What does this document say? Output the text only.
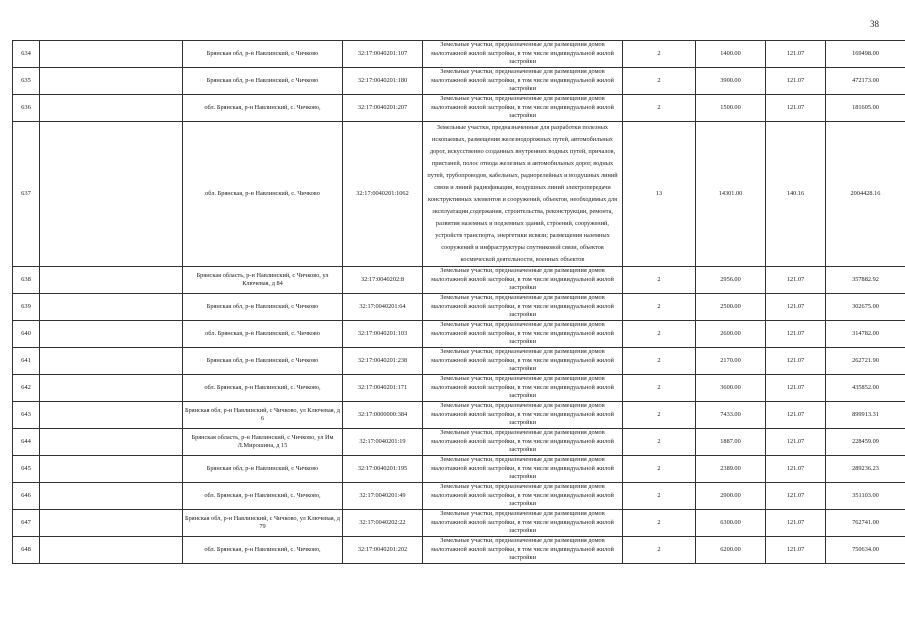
38
634		Брянская обл, р-н Навлинский, с Чичково	32:17:0040201:107	Земельные участки, предназначенные для размещения домов малоэтажной жилой застройки, в том числе индивидуальной жилой застройки	2	1400.00	121.07	169498.00
635		Брянская обл, р-н Навлинский, с Чичково	32:17:0040201:180	Земельные участки, предназначенные для размещения домов малоэтажной жилой застройки, в том числе индивидуальной жилой застройки	2	3900.00	121.07	472173.00
636		обл. Брянская, р-н Навлинский, с. Чичково,	32:17:0040201:207	Земельные участки, предназначенные для размещения домов малоэтажной жилой застройки, в том числе индивидуальной жилой застройки	2	1500.00	121.07	181605.00
637		обл. Брянская, р-н Навлинский, с. Чичково	32:17:0040201:1062	Земельные участки, предназначенные для разработки полезных ископаемых, размещения железнодорожных путей, автомобильных дорог, искусственно созданных внутренних водных путей, причалов, пристаней, полос отвода железных и автомобильных дорог, водных путей, трубопроводов, кабельных, радиорелейных и воздушных линий связи и линий радиофикации, воздушных линий электропередачи конструктивных элементов и сооружений, объектов, необходимых для эксплуатации,содержания, строительства, реконструкции, ремонта, развития наземных и подземных зданий, строений, сооружений, устройств транспорта, энергетики исвязи; размещения наземных сооружений и инфраструктуры спутниковой связи, объектов космической деятельности, военных объектов	13	14301.00	140.16	2004428.16
638		Брянская область, р-н Навлинский, с Чичково, ул Ключевая, д 84	32:17:0040202:8	Земельные участки, предназначенные для размещения домов малоэтажной жилой застройки, в том числе индивидуальной жилой застройки	2	2956.00	121.07	357882.92
639		Брянская обл, р-н Навлинский, с Чичково	32:17:0040201:64	Земельные участки, предназначенные для размещения домов малоэтажной жилой застройки, в том числе индивидуальной жилой застройки	2	2500.00	121.07	302675.00
640		обл. Брянская, р-н Навлинский, с. Чичково	32:17:0040201:103	Земельные участки, предназначенные для размещения домов малоэтажной жилой застройки, в том числе индивидуальной жилой застройки	2	2600.00	121.07	314782.00
641		Брянская обл, р-н Навлинский, с Чичково	32:17:0040201:238	Земельные участки, предназначенные для размещения домов малоэтажной жилой застройки, в том числе индивидуальной жилой застройки	2	2170.00	121.07	262721.90
642		обл. Брянская, р-н Навлинский, с. Чичково,	32:17:0040201:171	Земельные участки, предназначенные для размещения домов малоэтажной жилой застройки, в том числе индивидуальной жилой застройки	2	3600.00	121.07	435852.00
643		Брянская обл, р-н Навлинский, с Чичково, ул Ключевая, д 6	32:17:0000000:384	Земельные участки, предназначенные для размещения домов малоэтажной жилой застройки, в том числе индивидуальной жилой застройки	2	7433.00	121.07	899913.31
644		Брянская область, р-н Навлинский, с Чичково, ул Им Л.Мирошина, д 15	32:17:0040201:19	Земельные участки, предназначенные для размещения домов малоэтажной жилой застройки, в том числе индивидуальной жилой застройки	2	1887.00	121.07	228459.09
645		Брянская обл, р-н Навлинский, с Чичково	32:17:0040201:195	Земельные участки, предназначенные для размещения домов малоэтажной жилой застройки, в том числе индивидуальной жилой застройки	2	2389.00	121.07	289236.23
646		обл. Брянская, р-н Навлинский, с. Чичково,	32:17:0040201:49	Земельные участки, предназначенные для размещения домов малоэтажной жилой застройки, в том числе индивидуальной жилой застройки	2	2900.00	121.07	351103.00
647		Брянская обл, р-н Навлинский, с Чичково, ул Ключевая, д 79	32:17:0040202:22	Земельные участки, предназначенные для размещения домов малоэтажной жилой застройки, в том числе индивидуальной жилой застройки	2	6300.00	121.07	762741.00
648		обл. Брянская, р-н Навлинский, с. Чичково,	32:17:0040201:202	Земельные участки, предназначенные для размещения домов малоэтажной жилой застройки, в том числе индивидуальной жилой застройки	2	6200.00	121.07	750634.00
